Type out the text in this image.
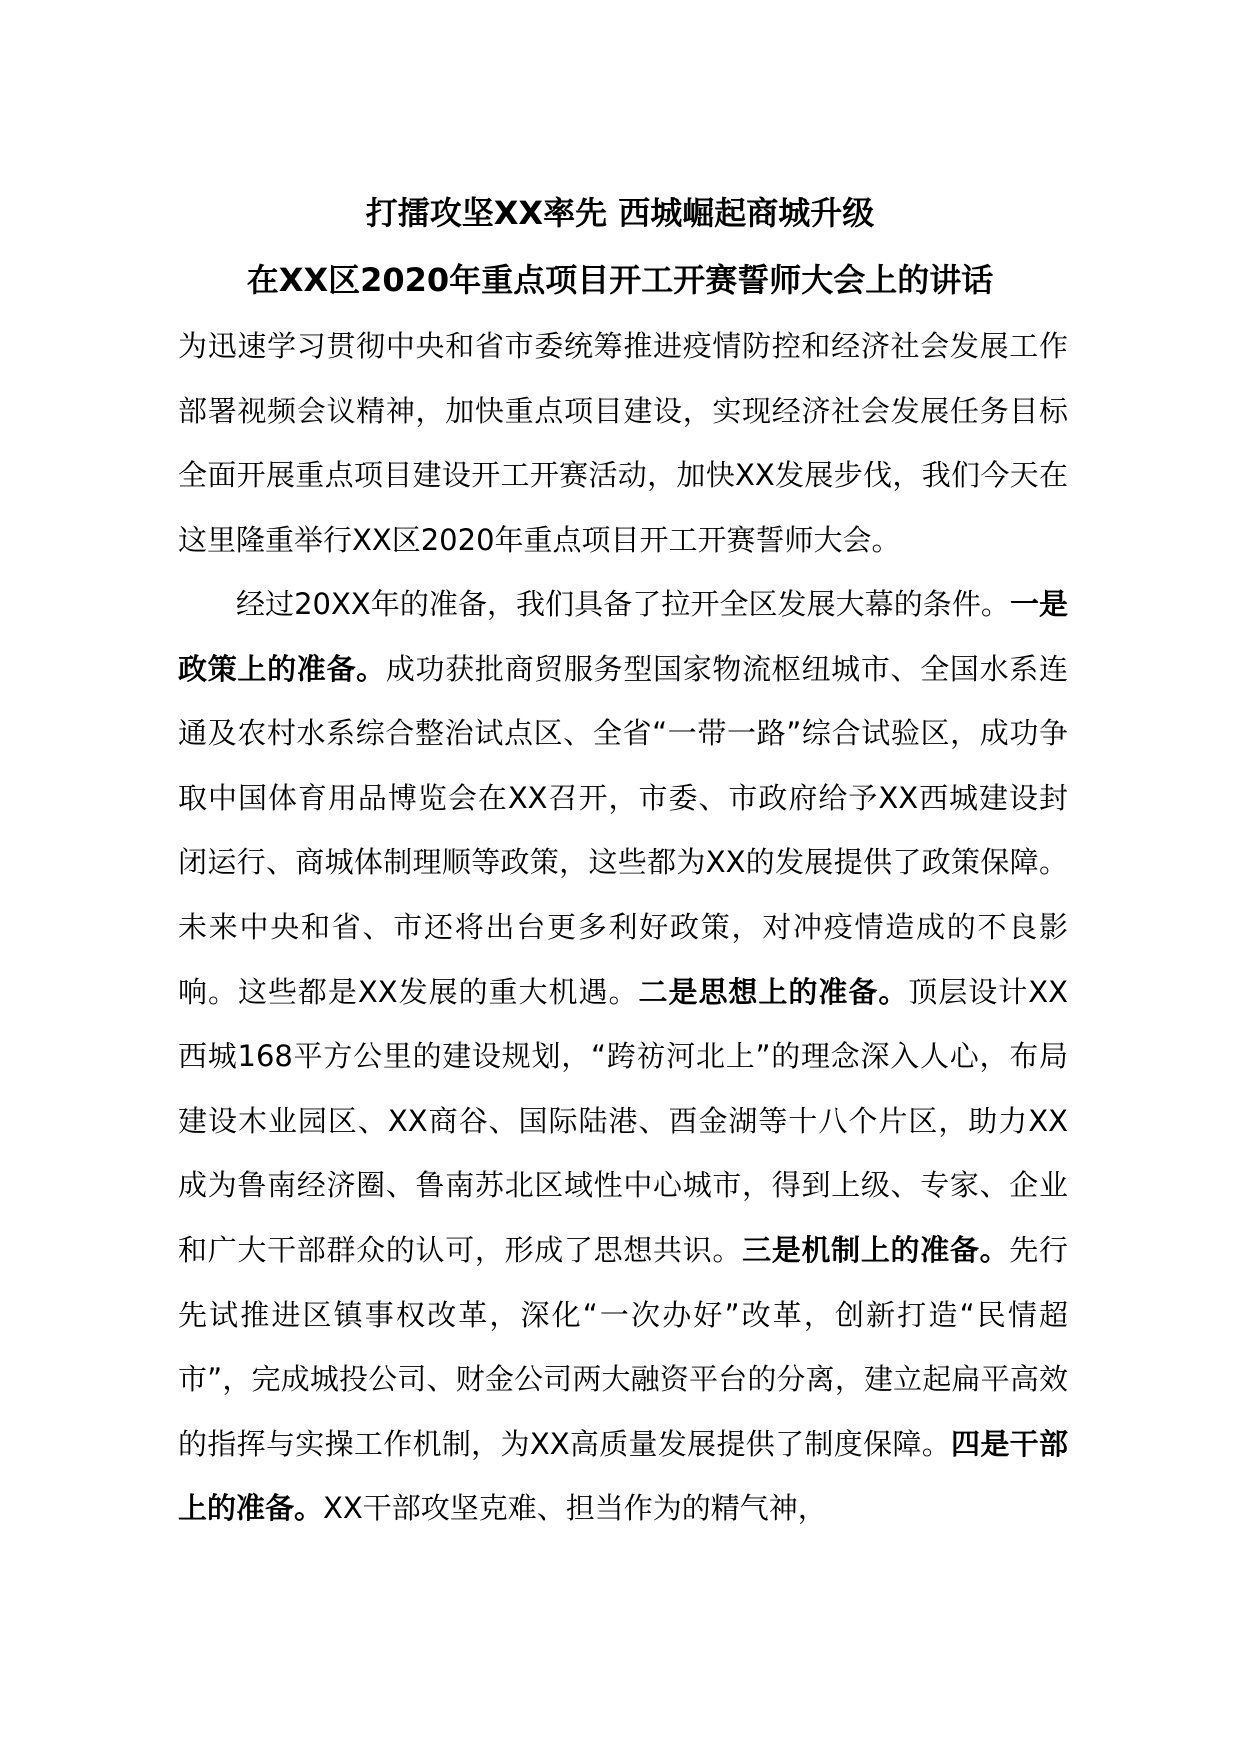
打擂攻坚XX率先 西城崛起商城升级
在XX区2020年重点项目开工开赛誓师大会上的讲话
为迅速学习贯彻中央和省市委统筹推进疫情防控和经济社会发展工作部署视频会议精神，加快重点项目建设，实现经济社会发展任务目标全面开展重点项目建设开工开赛活动，加快XX发展步伐，我们今天在这里隆重举行XX区2020年重点项目开工开赛誓师大会。
经过20XX年的准备，我们具备了拉开全区发展大幕的条件。一是政策上的准备。成功获批商贸服务型国家物流枢纽城市、全国水系连通及农村水系综合整治试点区、全省“一带一路”综合试验区，成功争取中国体育用品博览会在XX召开，市委、市政府给予XX西城建设封闭运行、商城体制理顺等政策，这些都为XX的发展提供了政策保障。未来中央和省、市还将出台更多利好政策，对冲疫情造成的不良影响。这些都是XX发展的重大机遇。二是思想上的准备。顶层设计XX西城168平方公里的建设规划，“跨祊河北上”的理念深入人心，布局建设木业园区、XX商谷、国际陆港、酉金湖等十八个片区，助力XX成为鲁南经济圈、鲁南苏北区域性中心城市，得到上级、专家、企业和广大干部群众的认可，形成了思想共识。三是机制上的准备。先行先试推进区镇事权改革，深化“一次办好”改革，创新打造“民情超市”，完成城投公司、财金公司两大融资平台的分离，建立起扁平高效的指挥与实操工作机制，为XX高质量发展提供了制度保障。四是干部上的准备。XX干部攻坚克难、担当作为的精气神，
